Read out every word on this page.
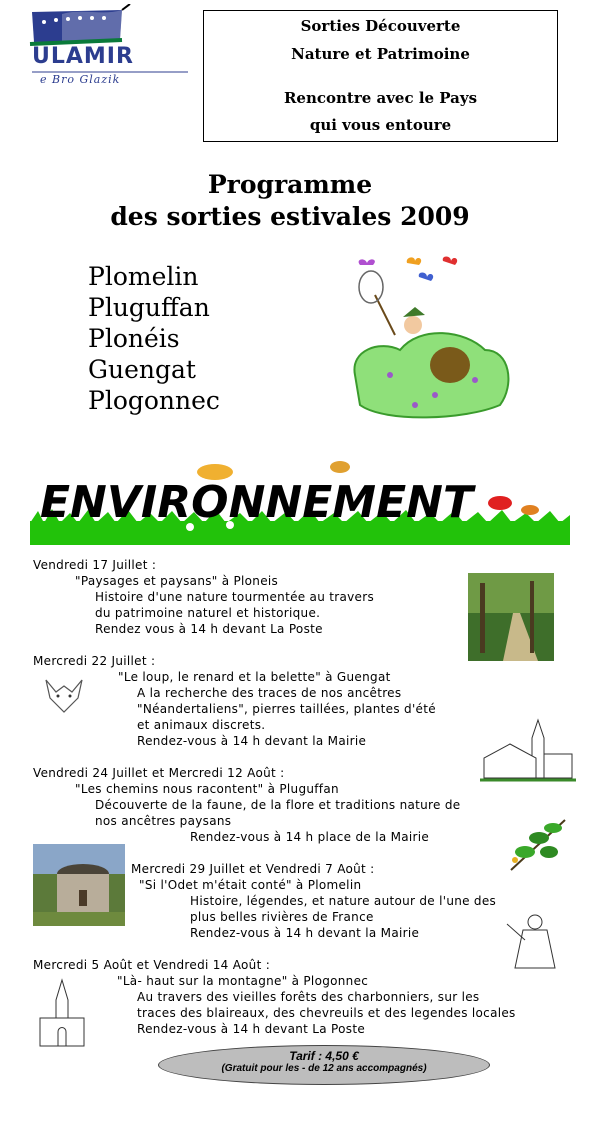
ULAMIR
e Bro Glazik
Sorties Découverte
Nature et Patrimoine
Rencontre avec le Pays
qui vous entoure
Programme
des sorties estivales 2009
Plomelin
Pluguffan
Plonéis
Guengat
Plogonnec
ENVIRONNEMENT
Vendredi 17 Juillet :
"Paysages et paysans" à Ploneis
Histoire d'une nature tourmentée au travers
du patrimoine naturel et historique.
Rendez vous à 14 h devant La Poste
Mercredi 22 Juillet :
"Le loup, le renard et la belette" à Guengat
A la recherche des traces de nos ancêtres
"Néandertaliens", pierres taillées, plantes d'été
et animaux discrets.
Rendez-vous à 14 h devant la Mairie
Vendredi 24 Juillet et Mercredi 12 Août :
"Les chemins nous racontent" à Pluguffan
Découverte de la faune, de la flore et traditions nature de
nos ancêtres paysans
Rendez-vous à 14 h place de la Mairie
Mercredi 29 Juillet et Vendredi 7 Août :
"Si l'Odet m'était conté" à Plomelin
Histoire, légendes, et nature autour de l'une des
plus belles rivières de France
Rendez-vous à 14 h devant la Mairie
Mercredi 5 Août et Vendredi 14 Août :
"Là- haut sur la montagne" à Plogonnec
Au travers des vieilles forêts des charbonniers, sur les
traces des blaireaux, des chevreuils et des legendes locales
Rendez-vous à 14 h devant La Poste
Tarif : 4,50 €
(Gratuit pour les - de 12 ans accompagnés)
